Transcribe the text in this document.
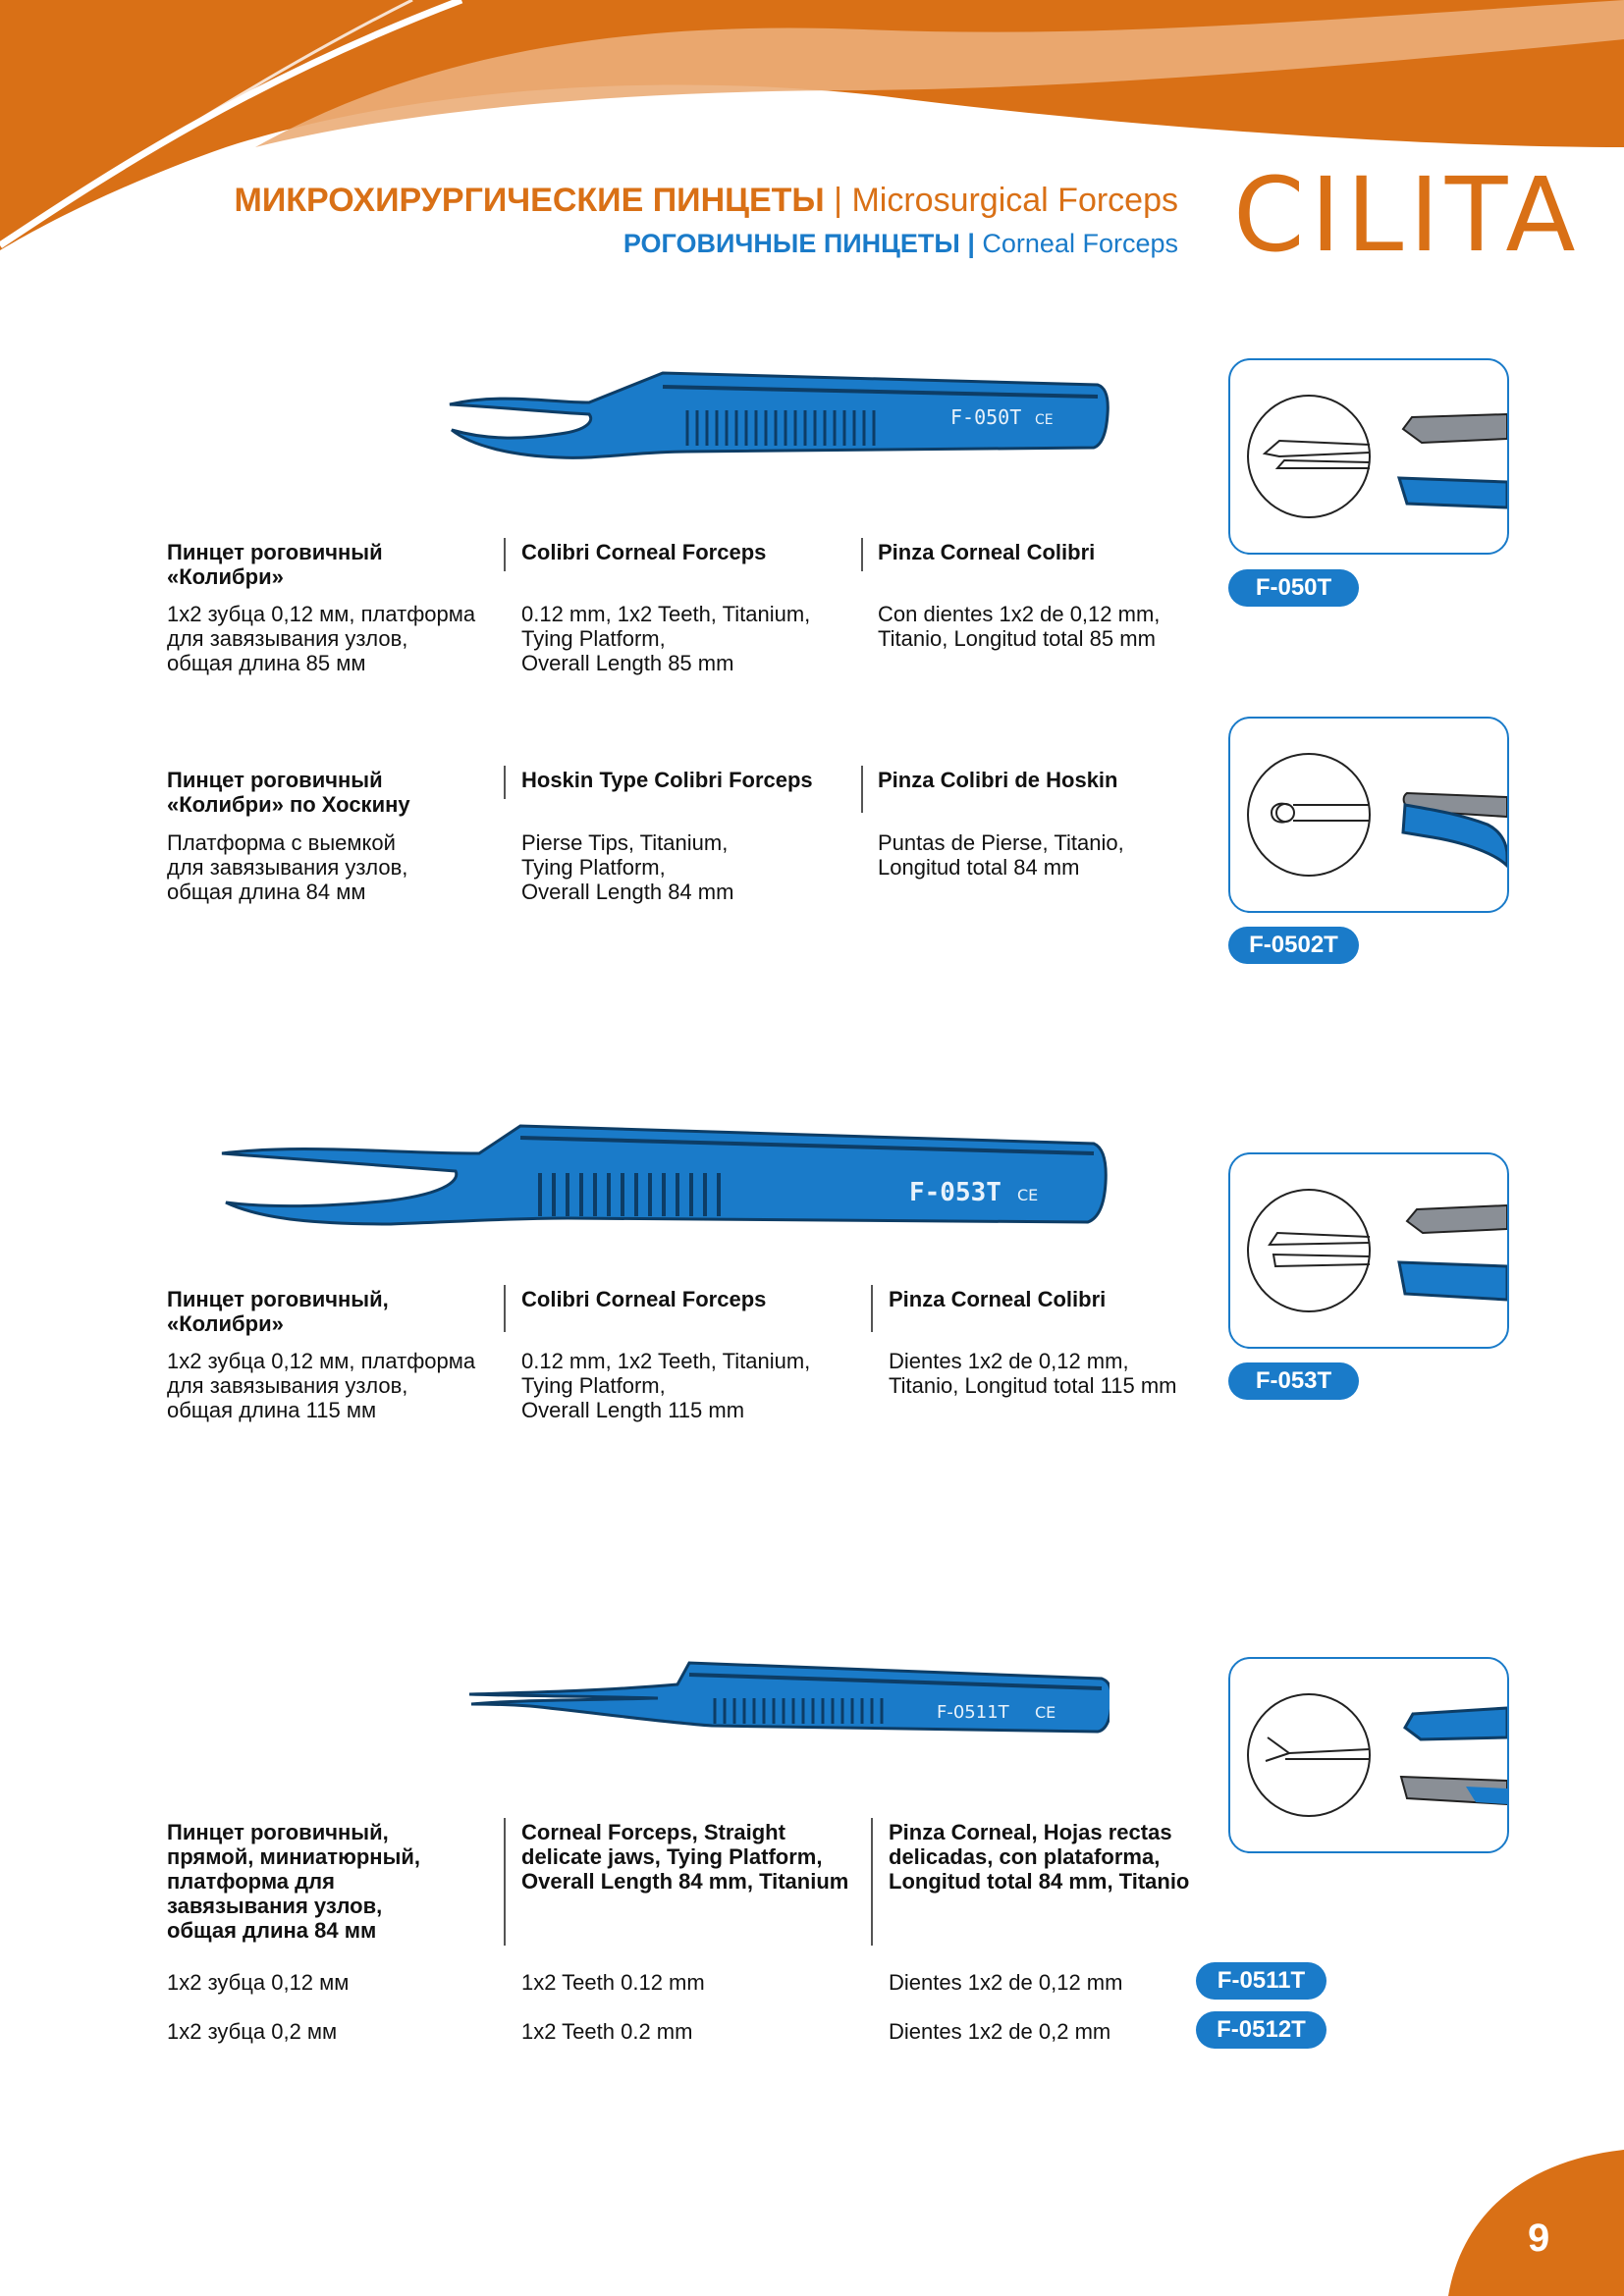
МИКРОХИРУРГИЧЕСКИЕ ПИНЦЕТЫ | Microsurgical Forceps
РОГОВИЧНЫЕ ПИНЦЕТЫ | Corneal Forceps CILITA
F-050T CE
F-050T
Пинцет роговичный
«Колибри»
1x2 зубца 0,12 мм, платформа
для завязывания узлов,
общая длина 85 мм
Colibri Corneal Forceps
0.12 mm, 1x2 Teeth, Titanium,
Tying Platform,
Overall Length 85 mm
Pinza Corneal Colibri
Con dientes 1x2 de 0,12 mm,
Titanio, Longitud total 85 mm
F-0502T
Пинцет роговичный
«Колибри» по Хоскину
Платформа с выемкой
для завязывания узлов,
общая длина 84 мм
Hoskin Type Colibri Forceps
Pierse Tips, Titanium,
Tying Platform,
Overall Length 84 mm
Pinza Colibri de Hoskin
Puntas de Pierse, Titanio,
Longitud total 84 mm
F-053T CE
F-053T
Пинцет роговичный,
«Колибри»
1x2 зубца 0,12 мм, платформа
для завязывания узлов,
общая длина 115 мм
Colibri Corneal Forceps
0.12 mm, 1x2 Teeth, Titanium,
Tying Platform,
Overall Length 115 mm
Pinza Corneal Colibri
Dientes 1x2 de 0,12 mm,
Titanio, Longitud total 115 mm
F-0511T CE
Пинцет роговичный,
прямой, миниатюрный,
платформа для
завязывания узлов,
общая длина 84 мм
Corneal Forceps, Straight
delicate jaws, Tying Platform,
Overall Length 84 mm, Titanium
Pinza Corneal, Hojas rectas
delicadas, con plataforma,
Longitud total 84 mm, Titanio
1x2 зубца 0,12 мм	1x2 Teeth 0.12 mm	Dientes 1x2 de 0,12 mm	F-0511T
1x2 зубца 0,2 мм	1x2 Teeth 0.2 mm	Dientes 1x2 de 0,2 mm	F-0512T
9
